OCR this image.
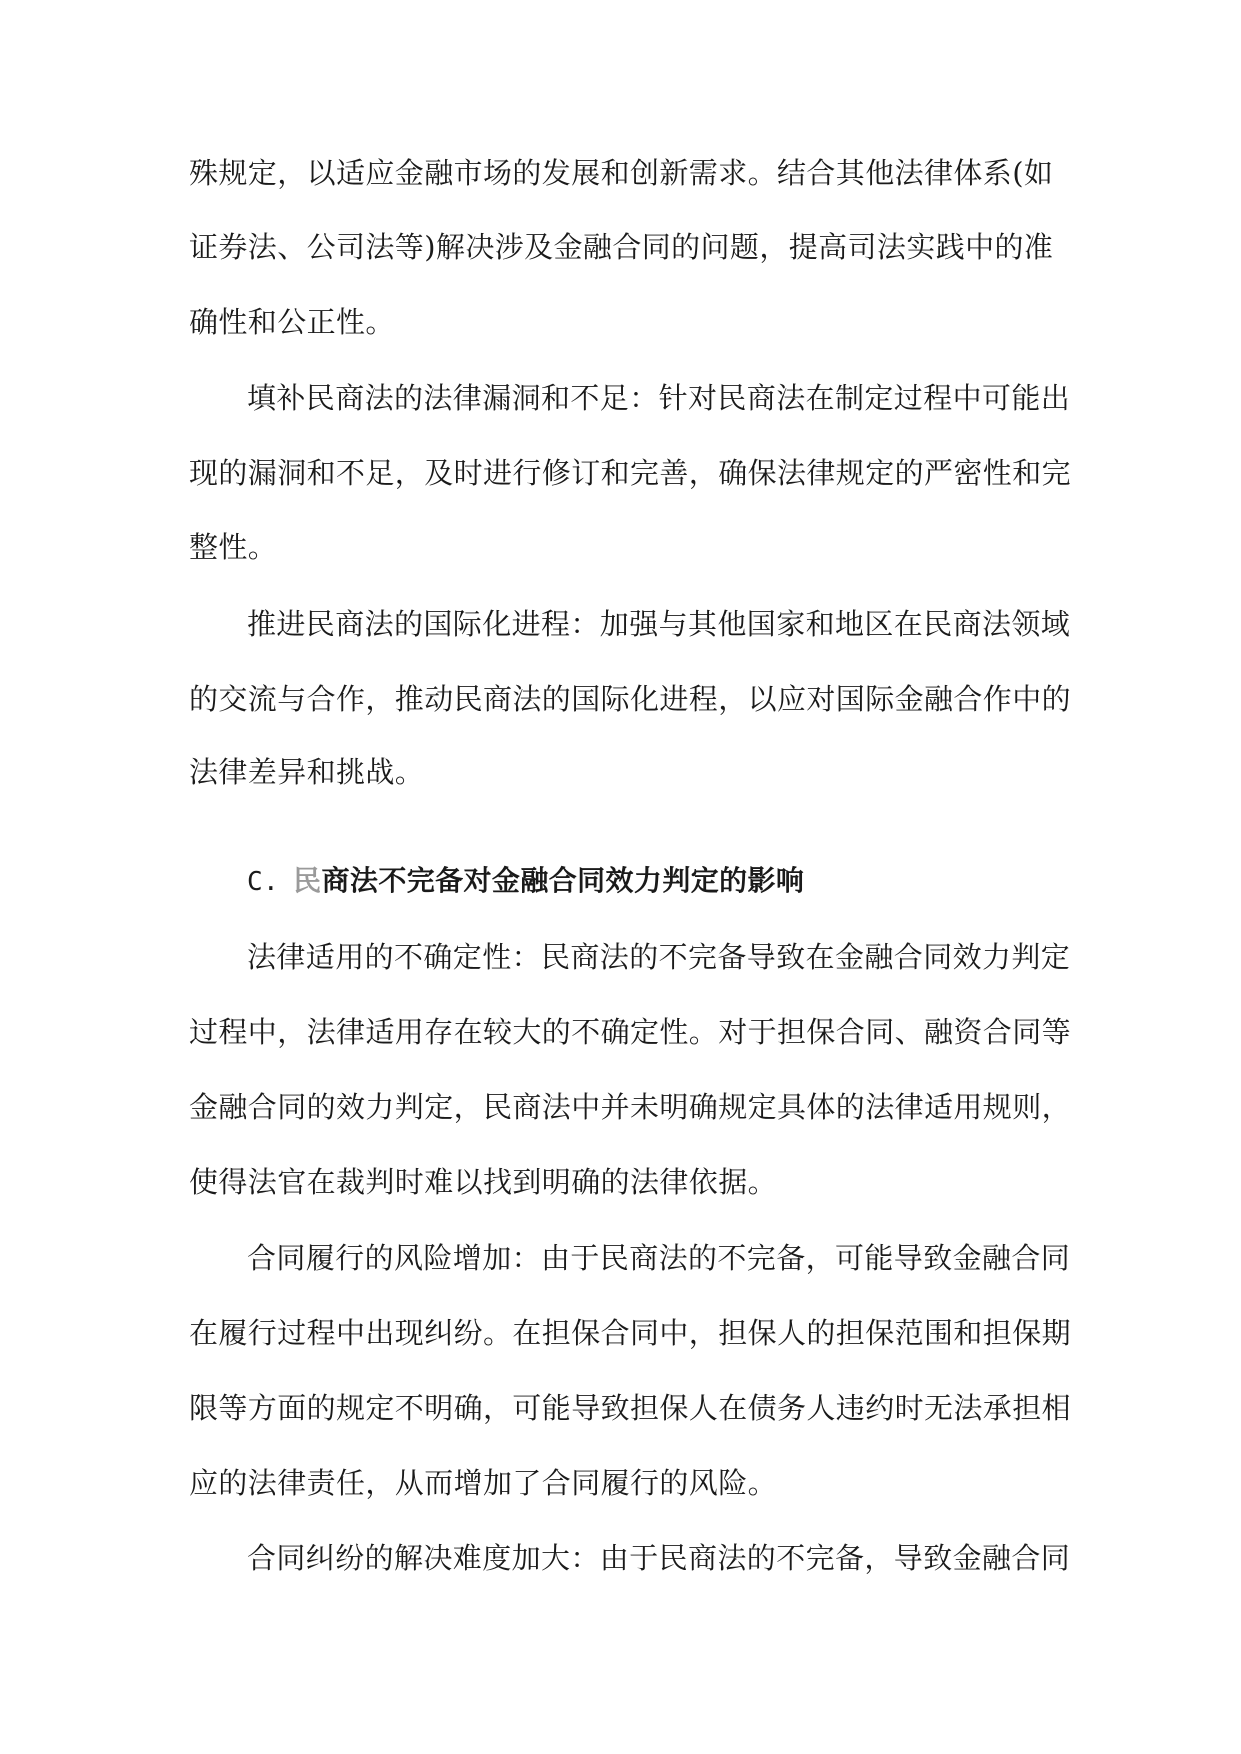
殊规定，以适应金融市场的发展和创新需求。结合其他法律体系(如
证券法、公司法等)解决涉及金融合同的问题，提高司法实践中的准
确性和公正性。
填补民商法的法律漏洞和不足：针对民商法在制定过程中可能出
现的漏洞和不足，及时进行修订和完善，确保法律规定的严密性和完
整性。
推进民商法的国际化进程：加强与其他国家和地区在民商法领域
的交流与合作，推动民商法的国际化进程，以应对国际金融合作中的
法律差异和挑战。
C. 民商法不完备对金融合同效力判定的影响
法律适用的不确定性：民商法的不完备导致在金融合同效力判定
过程中，法律适用存在较大的不确定性。对于担保合同、融资合同等
金融合同的效力判定，民商法中并未明确规定具体的法律适用规则，
使得法官在裁判时难以找到明确的法律依据。
合同履行的风险增加：由于民商法的不完备，可能导致金融合同
在履行过程中出现纠纷。在担保合同中，担保人的担保范围和担保期
限等方面的规定不明确，可能导致担保人在债务人违约时无法承担相
应的法律责任，从而增加了合同履行的风险。
合同纠纷的解决难度加大：由于民商法的不完备，导致金融合同
